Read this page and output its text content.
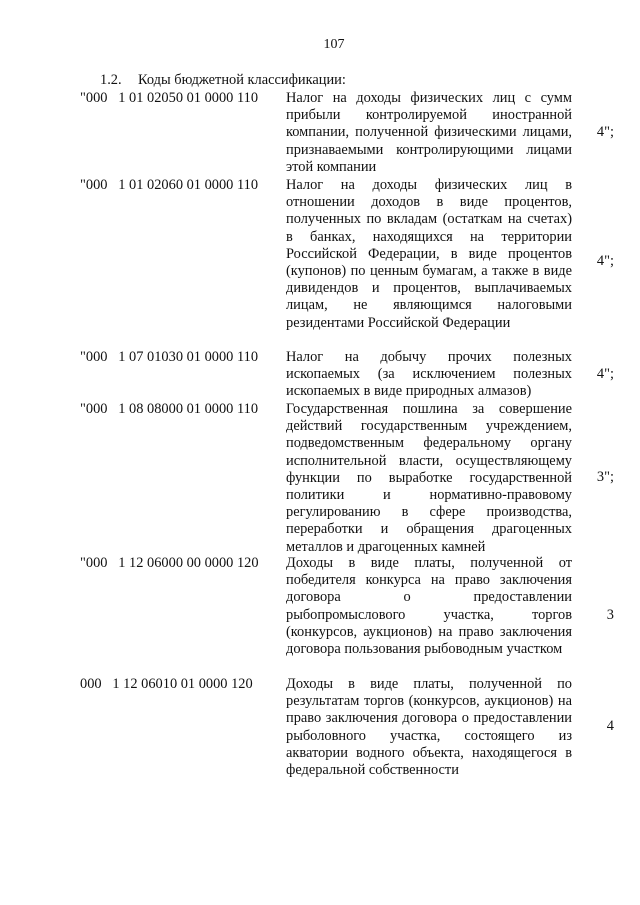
107
1.2. Коды бюджетной классификации:
"000   1 01 02050 01 0000 110 Налог на доходы физических лиц с сумм прибыли контролируемой иностранной компании, полученной физическими лицами, признаваемыми контролирующими лицами этой компании
4";
"000   1 01 02060 01 0000 110 Налог на доходы физических лиц в отношении доходов в виде процентов, полученных по вкладам (остаткам на счетах) в банках, находящихся на территории Российской Федерации, в виде процентов (купонов) по ценным бумагам, а также в виде дивидендов и процентов, выплачиваемых лицам, не являющимся налоговыми резидентами Российской Федерации
4";
"000   1 07 01030 01 0000 110 Налог на добычу прочих полезных ископаемых (за исключением полезных ископаемых в виде природных алмазов)
4";
"000   1 08 08000 01 0000 110 Государственная пошлина за совершение действий государственным учреждением, подведомственным федеральному органу исполнительной власти, осуществляющему функции по выработке государственной политики и нормативно-правовому регулированию в сфере производства, переработки и обращения драгоценных металлов и драгоценных камней
3";
"000   1 12 06000 00 0000 120 Доходы в виде платы, полученной от победителя конкурса на право заключения договора о предоставлении рыбопромыслового участка, торгов (конкурсов, аукционов) на право заключения договора пользования рыбоводным участком
3
000   1 12 06010 01 0000 120 Доходы в виде платы, полученной по результатам торгов (конкурсов, аукционов) на право заключения договора о предоставлении рыболовного участка, состоящего из акватории водного объекта, находящегося в федеральной собственности
4
